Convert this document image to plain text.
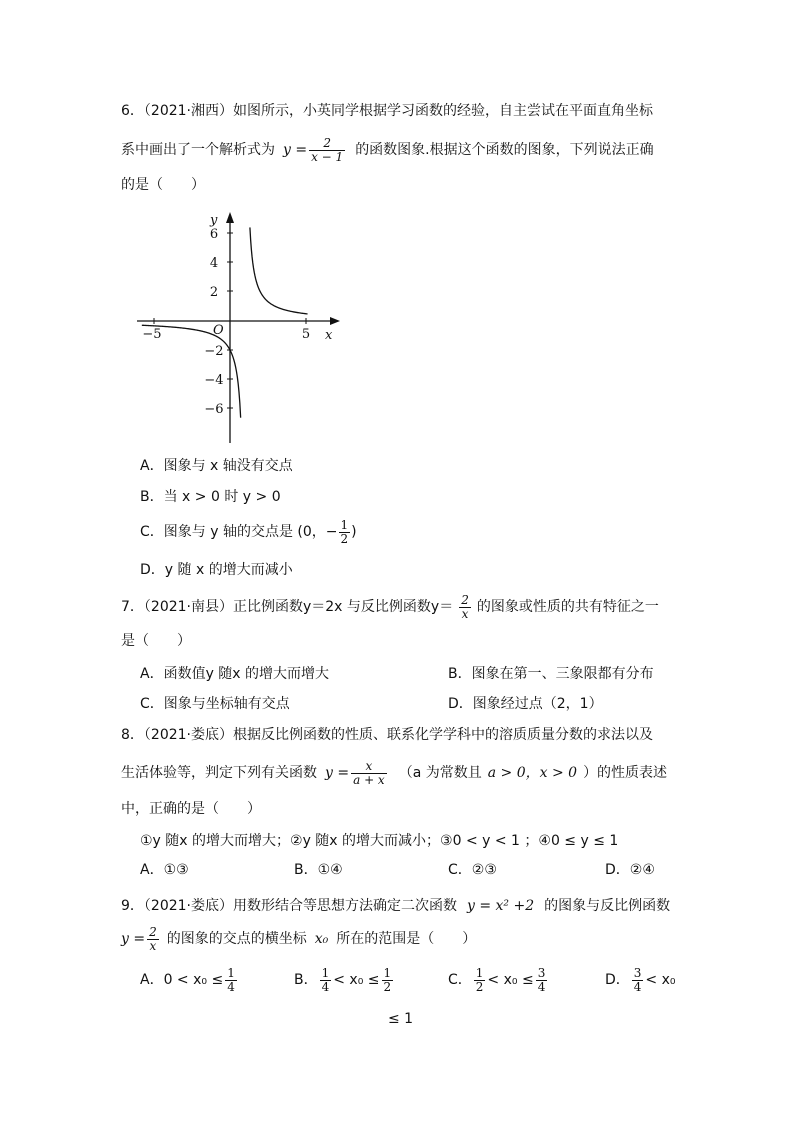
6．（2021·湘西）如图所示，小英同学根据学习函数的经验，自主尝试在平面直角坐标
系中画出了一个解析式为 $y = \frac{2}{x - 1}$ 的函数图象.根据这个函数的图象，下列说法正确
的是（　　）
y
x
O
6
4
2
−2
−4
−6
−5	5
A．图象与 x 轴没有交点
B．当 x > 0 时 y > 0
C．图象与 y 轴的交点是 (0，− $\frac{1}{2}$ )
D．y 随 x 的增大而减小
7．（2021·南县）正比例函数y＝2x 与反比例函数$y= \frac{2}{x}$ 的图象或性质的共有特征之一
是（　　）
A．函数值y 随x 的增大而增大	B．图象在第一、三象限都有分布
C．图象与坐标轴有交点	D．图象经过点（2，1）
8．（2021·娄底）根据反比例函数的性质、联系化学学科中的溶质质量分数的求法以及
生活体验等，判定下列有关函数 $y = \frac{x}{a + x} (a$ 为常数且 a > 0，x > 0 ）的性质表述
中，正确的是（　　）
①y 随x 的增大而增大；②y 随x 的增大而减小；③0 < y < 1 ；④0 ≤ y ≤ 1
A．①③	B．①④	C．②③	D．②④
9．（2021·娄底）用数形结合等思想方法确定二次函数 y = x² +2 的图象与反比例函数
$y = \frac{2}{x}$ 的图象的交点的横坐标 x₀ 所在的范围是（　　）
A．$0 < x_0 \le \frac{1}{4}$	B． $\frac{1}{4} < x_0 \le \frac{1}{2}$	C． $\frac{1}{2} < x_0 \le \frac{3}{4}$	D． $\frac{3}{4} < x_0$
≤ 1
